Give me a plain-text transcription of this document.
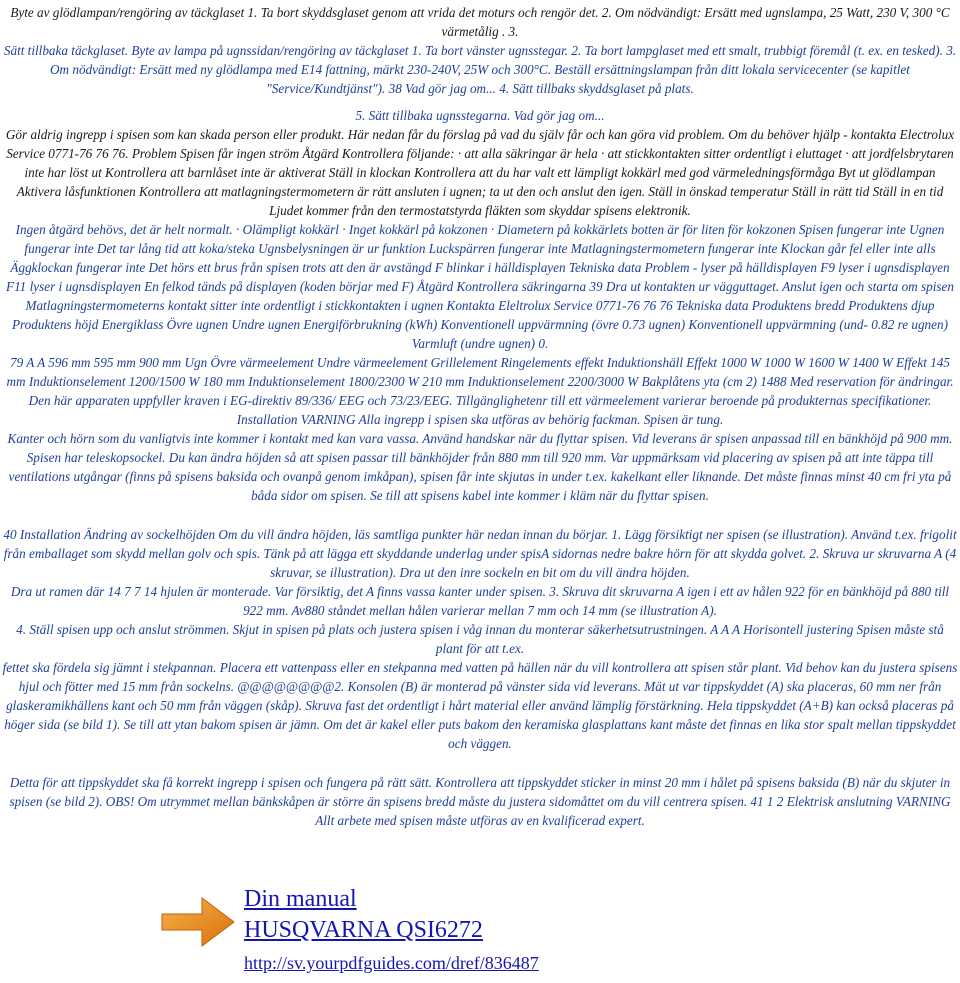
Byte av glödlampan/rengöring av täckglaset 1. Ta bort skyddsglaset genom att vrida det moturs och rengör det. 2. Om nödvändigt: Ersätt med ugnslampa, 25 Watt, 230 V, 300 °C värmetålig . 3.
Sätt tillbaka täckglaset. Byte av lampa på ugnssidan/rengöring av täckglaset 1. Ta bort vänster ugnsstegar. 2. Ta bort lampglaset med ett smalt, trubbigt föremål (t. ex. en tesked). 3. Om nödvändigt: Ersätt med ny glödlampa med E14 fattning, märkt 230-240V, 25W och 300°C. Beställ ersättningslampan från ditt lokala servicecenter (se kapitlet "Service/Kundtjänst"). 38 Vad gör jag om... 4. Sätt tillbaks skyddsglaset på plats.
5. Sätt tillbaka ugnsstegarna. Vad gör jag om...
Gör aldrig ingrepp i spisen som kan skada person eller produkt. Här nedan får du förslag på vad du själv får och kan göra vid problem. Om du behöver hjälp - kontakta Electrolux Service 0771-76 76 76. Problem Spisen får ingen ström Åtgärd Kontrollera följande: · att alla säkringar är hela · att stickkontakten sitter ordentligt i eluttaget · att jordfelsbrytaren inte har löst ut Kontrollera att barnlåset inte är aktiverat Ställ in klockan Kontrollera att du har valt ett lämpligt kokkärl med god värmeledningsförmåga Byt ut glödlampan Aktivera låsfunktionen Kontrollera att matlagningstermometern är rätt ansluten i ugnen; ta ut den och anslut den igen. Ställ in önskad temperatur Ställ in rätt tid Ställ in en tid Ljudet kommer från den termostatstyrda fläkten som skyddar spisens elektronik.
Ingen åtgärd behövs, det är helt normalt. · Olämpligt kokkärl · Inget kokkärl på kokzonen · Diametern på kokkärlets botten är för liten för kokzonen Spisen fungerar inte Ugnen fungerar inte Det tar lång tid att koka/steka Ugnsbelysningen är ur funktion Luckspärren fungerar inte Matlagningstermometern fungerar inte Klockan går fel eller inte alls Äggklockan fungerar inte Det hörs ett brus från spisen trots att den är avstängd F blinkar i hälldisplayen Tekniska data Problem - lyser på hälldisplayen F9 lyser i ugnsdisplayen F11 lyser i ugnsdisplayen En felkod tänds på displayen (koden börjar med F) Åtgärd Kontrollera säkringarna 39 Dra ut kontakten ur vägguttaget. Anslut igen och starta om spisen Matlagningstermometerns kontakt sitter inte ordentligt i stickkontakten i ugnen Kontakta Eleltrolux Service 0771-76 76 76 Tekniska data Produktens bredd Produktens djup Produktens höjd Energiklass Övre ugnen Undre ugnen Energiförbrukning (kWh) Konventionell uppvärmning (övre 0.73 ugnen) Konventionell uppvärmning (und- 0.82 re ugnen) Varmluft (undre ugnen) 0.
79 A A 596 mm 595 mm 900 mm Ugn Övre värmeelement Undre värmeelement Grillelement Ringelements effekt Induktionshäll Effekt 1000 W 1000 W 1600 W 1400 W Effekt 145 mm Induktionselement 1200/1500 W 180 mm Induktionselement 1800/2300 W 210 mm Induktionselement 2200/3000 W Bakplåtens yta (cm 2) 1488 Med reservation för ändringar. Den här apparaten uppfyller kraven i EG-direktiv 89/336/ EEG och 73/23/EEG. Tillgänglighetenr till ett värmeelement varierar beroende på produkternas specifikationer. Installation VARNING Alla ingrepp i spisen ska utföras av behörig fackman. Spisen är tung.
Kanter och hörn som du vanligtvis inte kommer i kontakt med kan vara vassa. Använd handskar när du flyttar spisen. Vid leverans är spisen anpassad till en bänkhöjd på 900 mm. Spisen har teleskopsockel. Du kan ändra höjden så att spisen passar till bänkhöjder från 880 mm till 920 mm. Var uppmärksam vid placering av spisen på att inte täppa till ventilations utgångar (finns på spisens baksida och ovanpå genom imkåpan), spisen får inte skjutas in under t.ex. kakelkant eller liknande. Det måste finnas minst 40 cm fri yta på båda sidor om spisen. Se till att spisens kabel inte kommer i kläm när du flyttar spisen.
40 Installation Ändring av sockelhöjden Om du vill ändra höjden, läs samtliga punkter här nedan innan du börjar. 1. Lägg försiktigt ner spisen (se illustration). Använd t.ex. frigolit från emballaget som skydd mellan golv och spis. Tänk på att lägga ett skyddande underlag under spisA sidornas nedre bakre hörn för att skydda golvet. 2. Skruva ur skruvarna A (4 skruvar, se illustration). Dra ut den inre sockeln en bit om du vill ändra höjden.
Dra ut ramen där 14 7 7 14 hjulen är monterade. Var försiktig, det A finns vassa kanter under spisen. 3. Skruva dit skruvarna A igen i ett av hålen 922 för en bänkhöjd på 880 till 922 mm. Av880 ståndet mellan hålen varierar mellan 7 mm och 14 mm (se illustration A).
4. Ställ spisen upp och anslut strömmen. Skjut in spisen på plats och justera spisen i våg innan du monterar säkerhetsutrustningen. A A A Horisontell justering Spisen måste stå plant för att t.ex.
fettet ska fördela sig jämnt i stekpannan. Placera ett vattenpass eller en stekpanna med vatten på hällen när du vill kontrollera att spisen står plant. Vid behov kan du justera spisens hjul och fötter med 15 mm från sockelns. @@@@@@@@2. Konsolen (B) är monterad på vänster sida vid leverans. Mät ut var tippskyddet (A) ska placeras, 60 mm ner från glaskeramikhällens kant och 50 mm från väggen (skåp). Skruva fast det ordentligt i hårt material eller använd lämplig förstärkning. Hela tippskyddet (A+B) kan också placeras på höger sida (se bild 1). Se till att ytan bakom spisen är jämn. Om det är kakel eller puts bakom den keramiska glasplattans kant måste det finnas en lika stor spalt mellan tippskyddet och väggen.
Detta för att tippskyddet ska få korrekt ingrepp i spisen och fungera på rätt sätt. Kontrollera att tippskyddet sticker in minst 20 mm i hålet på spisens baksida (B) när du skjuter in spisen (se bild 2). OBS! Om utrymmet mellan bänkskåpen är större än spisens bredd måste du justera sidomåttet om du vill centrera spisen. 41 1 2 Elektrisk anslutning VARNING Allt arbete med spisen måste utföras av en kvalificerad expert.
Din manual
HUSQVARNA QSI6272
http://sv.yourpdfguides.com/dref/836487
